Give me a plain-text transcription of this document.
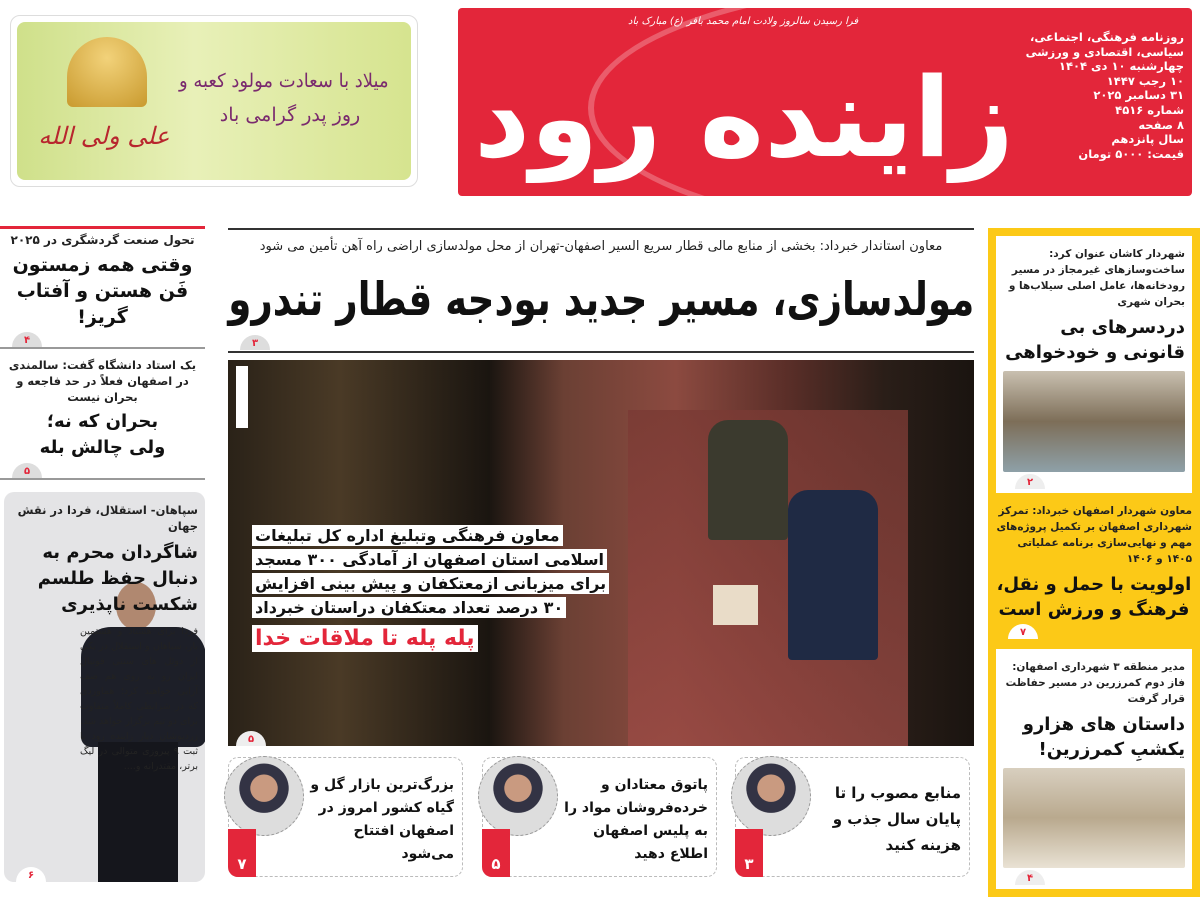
علی ولی الله
میلاد با سعادت مولود کعبه و
روز پدر گرامی باد	زاینده رود
فرا رسیدن سالروز ولادت امام محمد باقر (ع) مبارک باد
روزنامه فرهنگی، اجتماعی،
سیاسی، اقتصادی و ورزشی
چهارشنبه ۱۰ دی ۱۴۰۴
۱۰ رجب ۱۴۴۷
۳۱ دسامبر ۲۰۲۵
شماره ۴۵۱۶
۸ صفحه
سال پانزدهم
قیمت: ۵۰۰۰ تومان
تحول صنعت گردشگری در ۲۰۲۵
وقتی همه زمستون فَن هستن و آفتاب گریز!
۴
یک استاد دانشگاه گفت: سالمندی در اصفهان فعلاً در حد فاجعه و بحران نیست
بحران که نه؛ ولی چالش بله
۵
سپاهان- استقلال، فردا در نقش جهان
شاگردان محرم به دنبال حفظ طلسم شکست ناپذیری
فردا برای هشتاد و هشتمین بار، سپاهان و استقلال در یکی از دوئل های سنتی فوتبال ایران رو به روی هم صف آرایی خواهند کرد؛ هماوردی که در شرایطی کاملاً متفاوت برای دو تیم برگزار خواهد شد. زردپوشان دیار زاینده رود با ثبت ۹ پیروزی متوالی در لیگ برتر، مقتدرانه و....
۶
معاون استاندار خبرداد: بخشی از منابع مالی قطار سریع السیر اصفهان-تهران از محل مولدسازی اراضی راه آهن تأمین می شود
مولدسازی، مسیر جدید بودجه قطار تندرو
۳
معاون فرهنگی وتبلیغ اداره کل تبلیغات
اسلامی استان اصفهان از آمادگی ۳۰۰ مسجد
برای میزبانی ازمعتکفان و پیش بینی افزایش
۳۰ درصد تعداد معتکفان دراستان خبرداد
پله پله تا ملاقات خدا
۵
۳
منابع مصوب را تا پایان سال جذب و هزینه کنید
۵
پاتوق معتادان و خرده‌فروشان مواد را به پلیس اصفهان اطلاع دهید
۷
بزرگ‌ترین بازار گل و گیاه کشور امروز در اصفهان افتتاح می‌شود
شهردار کاشان عنوان کرد: ساخت‌وسازهای غیرمجاز در مسیر رودخانه‌ها، عامل اصلی سیلاب‌ها و بحران شهری
دردسرهای بی قانونی و خودخواهی
۲
معاون شهردار اصفهان خبرداد: تمرکز شهرداری اصفهان بر تکمیل پروژه‌های مهم و نهایی‌سازی برنامه عملیاتی ۱۴۰۵ و ۱۴۰۶
اولویت با حمل و نقل، فرهنگ و ورزش است
۷
مدیر منطقه ۳ شهرداری اصفهان: فاز دوم کمرزرین در مسیر حفاظت قرار گرفت
داستان های هزارو یکشبِ کمرزرین!
۴
